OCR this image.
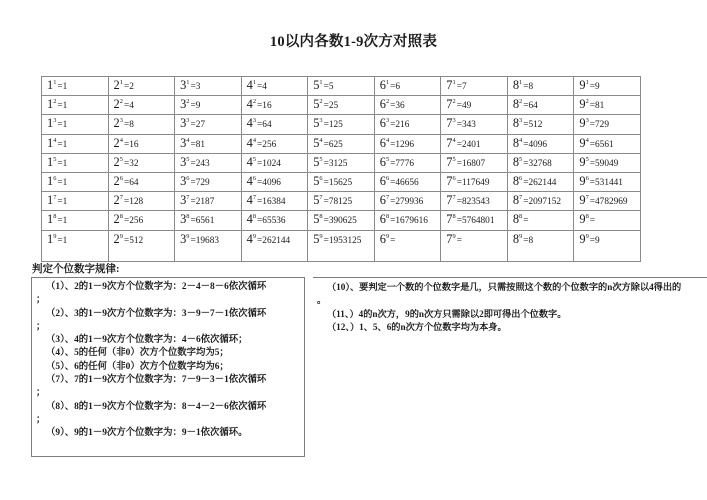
10以内各数1-9次方对照表
$1^1=1$	$2^1=2$	$3^1=3$	$4^1=4$	$5^1=5$	$6^1=6$	$7^1=7$	$8^1=8$	$9^1=9$

$1^2=1$	$2^2=4$	$3^2=9$	$4^2=16$	$5^2=25$	$6^2=36$	$7^2=49$	$8^2=64$	$9^2=81$

$1^3=1$	$2^3=8$	$3^3=27$	$4^3=64$	$5^3=125$	$6^3=216$	$7^3=343$	$8^3=512$	$9^3=729$

$1^4=1$	$2^4=16$	$3^4=81$	$4^4=256$	$5^4=625$	$6^4=1296$	$7^4=2401$	$8^4=4096$	$9^4=6561$

$1^5=1$	$2^5=32$	$3^5=243$	$4^5=1024$	$5^5=3125$	$6^5=7776$	$7^5=16807$	$8^5=32768$	$9^5=59049$

$1^6=1$	$2^6=64$	$3^6=729$	$4^6=4096$	$5^6=15625$	$6^6=46656$	$7^6=117649$	$8^6=262144$	$9^6=531441$

$1^7=1$	$2^7=128$	$3^7=2187$	$4^7=16384$	$5^7=78125$	$6^7=279936$	$7^7=823543$	$8^7=2097152$	$9^7=4782969$

$1^8=1$	$2^8=256$	$3^8=6561$	$4^8=65536$	$5^8=390625$	$6^8=1679616$	$7^8=5764801$	$8^8=$	$9^8=$

$1^9=1$	$2^9=512$	$3^9=19683$	$4^9=262144$	$5^9=1953125$	$6^9=$	$7^9=$	$8^9=8$	$9^9=9$
判定个位数字规律:
（1）、2的1－9次方个位数字为：2－4－8－6依次循环
；
（2）、3的1－9次方个位数字为：3－9－7－1依次循环
；
（3）、4的1－9次方个位数字为：4－6依次循环；
（4）、5的任何（非0）次方个位数字均为5；
（5）、6的任何（非0）次方个位数字均为6；
（7）、7的1－9次方个位数字为：7－9－3－1依次循环
；
（8）、8的1－9次方个位数字为：8－4－2－6依次循环
；
（9）、9的1－9次方个位数字为：9－1依次循环。
（10）、要判定一个数的个位数字是几，只需按照这个数的个位数字的n次方除以4得出的
。
（11、）4的n次方，9的n次方只需除以2即可得出个位数字。
（12、）1、5、6的n次方个位数字均为本身。
